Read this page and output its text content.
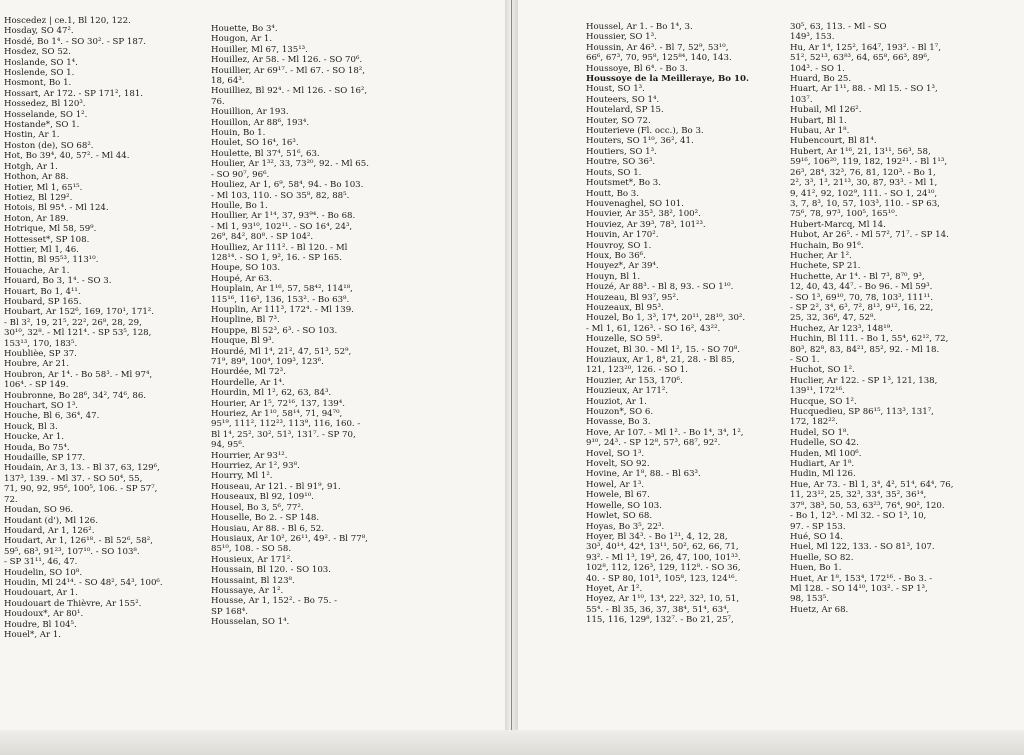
Hoscedez | ce.1, Bl 120, 122.
Hosday, SO 47².
Hosdé, Bo 1⁴. - SO 30². - SP 187.
Hosdez, SO 52.
Hoslande, SO 1⁴.
Hoslende, SO 1.
Hosmont, Bo 1.
Hossart, Ar 172. - SP 171², 181.
Hossedez, Bl 120³.
Hosselande, SO 1².
Hostande*, SO 1.
Hostin, Ar 1.
Hoston (de), SO 68².
Hot, Bo 39⁴, 40, 57². - Ml 44.
Hotgh, Ar 1.
Hothon, Ar 88.
Hotier, Ml 1, 65¹⁵.
Hotiez, Bl 129².
Hotois, Bl 95⁴. - Ml 124.
Hoton, Ar 189.
Hotrique, Ml 58, 59⁹.
Hottesset*, SP 108.
Hottier, Ml 1, 46.
Hottin, Bl 95⁵³, 113¹⁰.
Houache, Ar 1.
Houard, Bo 3, 1⁴. - SO 3.
Houart, Bo 1, 4¹¹.
Houbard, SP 165.
Houbart, Ar 152⁶, 169, 170¹, 171².
- Bl 3², 19, 21⁵, 22², 26⁸, 28, 29,
30¹⁰, 32⁸. - Ml 121⁴. - SP 53⁵, 128,
153¹³, 170, 183⁵.
Houblièe, SP 37.
Houbre, Ar 21.
Houbron, Ar 1⁴. - Bo 58³. - Ml 97⁴,
106⁴. - SP 149.
Houbronne, Bo 28⁶, 34², 74⁶, 86.
Houchart, SO 1³.
Houche, Bl 6, 36⁴, 47.
Houck, Bl 3.
Houcke, Ar 1.
Houda, Bo 75⁴.
Houdaille, SP 177.
Houdain, Ar 3, 13. - Bl 37, 63, 129⁶,
137³, 139. - Ml 37. - SO 50⁴, 55,
71, 90, 92, 95⁶, 100⁵, 106. - SP 57⁷,
72.
Houdan, SO 96.
Houdant (d'), Ml 126.
Houdard, Ar 1, 126².
Houdart, Ar 1, 126¹⁸. - Bl 52⁶, 58²,
59⁵, 68³, 91²³, 107¹⁰. - SO 103⁸.
- SP 31¹¹, 46, 47.
Houdelin, SO 10⁸.
Houdin, Ml 24¹⁴. - SO 48², 54³, 100⁶.
Houdouart, Ar 1.
Houdouart de Thièvre, Ar 155².
Houdoux*, Ar 80¹.
Houdre, Bl 104⁵.
Houel*, Ar 1.
Houette, Bo 3⁴.
Hougon, Ar 1.
Houiller, Ml 67, 135¹³.
Houillez, Ar 58. - Ml 126. - SO 70⁶.
Houillier, Ar 69¹⁷. - Ml 67. - SO 18²,
18, 64³.
Houilliez, Bl 92⁴. - Ml 126. - SO 16²,
76.
Houillion, Ar 193.
Houillon, Ar 88⁶, 193⁴.
Houin, Bo 1.
Houlet, SO 16⁴, 16³.
Houlette, Bl 37⁴, 51⁶, 63.
Houlier, Ar 1³², 33, 73²⁰, 92. - Ml 65.
- SO 90⁷, 96⁶.
Houliez, Ar 1, 6⁹, 58⁴, 94. - Bo 103.
- Ml 103, 110. - SO 35⁸, 82, 88⁵.
Houlle, Bo 1.
Houllier, Ar 1¹⁴, 37, 93⁹⁴. - Bo 68.
- Ml 1, 93¹⁰, 102¹¹. - SO 16⁴, 24³,
26⁹, 84², 80⁸. - SP 104².
Houlliez, Ar 111². - Bl 120. - Ml
128¹⁴. - SO 1, 9², 16. - SP 165.
Houpe, SO 103.
Houpé, Ar 63.
Houplain, Ar 1¹⁶, 57, 58⁴², 114¹⁸,
115¹⁶, 116³, 136, 153². - Bo 63⁸.
Houplin, Ar 111³, 172⁴. - Ml 139.
Houpline, Bl 7³.
Houppe, Bl 52³, 6³. - SO 103.
Houque, Bl 9³.
Hourdé, Ml 1⁴, 21², 47, 51³, 52⁹,
71⁹, 89⁹, 100⁴, 109³, 123⁶.
Hourdée, Ml 72³.
Hourdelle, Ar 1⁴.
Hourdin, Ml 1², 62, 63, 84³.
Hourier, Ar 1⁵, 72¹⁶, 137, 139⁴.
Houriez, Ar 1¹⁰, 58¹⁴, 71, 94⁷⁰,
95¹⁹, 111², 112²³, 113⁹, 116, 160. -
Bl 1⁴, 25², 30², 51³, 131⁷. - SP 70,
94, 95⁶.
Hourrier, Ar 93¹².
Hourriez, Ar 1², 93⁸.
Hourry, Ml 1².
Houseau, Ar 121. - Bl 91⁹, 91.
Houseaux, Bl 92, 109¹⁰.
Housel, Bo 3, 5⁶, 77².
Houselle, Bo 2. - SP 148.
Housiau, Ar 88. - Bl 6, 52.
Housiaux, Ar 10², 26¹¹, 49². - Bl 77⁸,
85¹⁰, 108. - SO 58.
Housieux, Ar 171².
Houssain, Bl 120. - SO 103.
Houssaint, Bl 123⁸.
Houssaye, Ar 1².
Housse, Ar 1, 152². - Bo 75. -
SP 168⁴.
Housselan, SO 1⁴.
Houssel, Ar 1. - Bo 1⁴, 3.
Houssier, SO 1³.
Houssin, Ar 46³. - Bl 7, 52⁹, 53¹⁰,
66⁶, 67³, 70, 95⁸, 125⁸⁴, 140, 143.
Houssoye, Bl 6⁴. - Bo 3.
Houssoye de la Meilleraye, Bo 10.
Houst, SO 1³.
Houteers, SO 1⁴.
Houtelard, SP 15.
Houter, SO 72.
Houterieve (Fl. occ.), Bo 3.
Houters, SO 1¹⁰, 36², 41.
Houtiers, SO 1³.
Houtre, SO 36³.
Houts, SO 1.
Houtsmet*, Bo 3.
Houtt, Bo 3.
Houvenaghel, SO 101.
Houvier, Ar 35³, 38², 100².
Houviez, Ar 39³, 78³, 101²³.
Houvin, Ar 170².
Houvroy, SO 1.
Houx, Bo 36⁶.
Houyez*, Ar 39⁴.
Houyn, Bl 1.
Houzé, Ar 88³. - Bl 8, 93. - SO 1¹⁰.
Houzeau, Bl 93⁷, 95².
Houzeaux, Bl 95³.
Houzel, Bo 1, 3³, 17⁴, 20¹¹, 28¹⁰, 30².
- Ml 1, 61, 126³. - SO 16², 43²².
Houzelle, SO 59².
Houzet, Bl 30. - Ml 1², 15. - SO 70⁸.
Houziaux, Ar 1, 8⁴, 21, 28. - Bl 85,
121, 123²⁰, 126. - SO 1.
Houzier, Ar 153, 170⁶.
Houzieux, Ar 171².
Houziot, Ar 1.
Houzon*, SO 6.
Hovasse, Bo 3.
Hove, Ar 107. - Ml 1². - Bo 1⁴, 3⁴, 1²,
9¹⁰, 24³. - SP 12⁸, 57³, 68⁷, 92².
Hovel, SO 1³.
Hovelt, SO 92.
Hovine, Ar 1⁸, 88. - Bl 63³.
Howel, Ar 1³.
Howele, Bl 67.
Howelle, SO 103.
Howlet, SO 68.
Hoyas, Bo 3⁵, 22³.
Hoyer, Bl 34³. - Bo 1²¹, 4, 12, 28,
30³, 40¹⁴, 42⁴, 13¹¹, 50², 62, 66, 71,
93². - Ml 1³, 19³, 26, 47, 100, 101³³.
102⁸, 112, 126³, 129, 112⁸. - SO 36,
40. - SP 80, 101³, 105⁸, 123, 124¹⁶.
Hoyet, Ar 1².
Hoyez, Ar 1¹⁰, 13⁴, 22², 32³, 10, 51,
55⁴. - Bl 35, 36, 37, 38⁴, 51⁴, 63⁴,
115, 116, 129⁸, 132⁷. - Bo 21, 25⁷,
30⁵, 63, 113. - Ml - SO
149³, 153.
Hu, Ar 1⁴, 125², 164⁷, 193². - Bl 1⁷,
51², 52¹³, 63⁸³, 64, 65⁸, 66³, 89⁶,
104³. - SO 1.
Huard, Bo 25.
Huart, Ar 1¹¹, 88. - Ml 15. - SO 1³,
103⁷.
Hubail, Ml 126².
Hubart, Bl 1.
Hubau, Ar 1⁸.
Hubencourt, Bl 81⁴.
Hubert, Ar 1¹⁶, 21, 13¹¹, 56³, 58,
59¹⁶, 106²⁰, 119, 182, 192²¹. - Bl 1¹³,
26³, 28⁴, 32³, 76, 81, 120³. - Bo 1,
2², 3³, 1³, 21¹³, 30, 87, 93³. - Ml 1,
9, 41², 92, 102⁹, 111. - SO 1, 24¹⁰,
3, 7, 8³, 10, 57, 103³, 110. - SP 63,
75⁶, 78, 97³, 100⁵, 165¹⁰.
Hubert-Marcq, Ml 14.
Hubot, Ar 26⁵. - Ml 57², 71⁷. - SP 14.
Huchain, Bo 91⁶.
Hucher, Ar 1².
Huchete, SP 21.
Huchette, Ar 1⁴. - Bl 7³, 8⁷⁰, 9³,
12, 40, 43, 44⁷. - Bo 96. - Ml 59³.
- SO 1³, 69¹⁰, 70, 78, 103³, 111¹¹.
- SP 2², 3⁴, 6³, 7², 8¹³, 9¹², 16, 22,
25, 32, 36⁸, 47, 52⁸.
Huchez, Ar 123³, 148¹⁹.
Huchin, Bl 111. - Bo 1, 55⁴, 62¹², 72,
80³, 82⁸, 83, 84²¹, 85², 92. - Ml 18.
- SO 1.
Huchot, SO 1².
Huclier, Ar 122. - SP 1³, 121, 138,
139¹¹, 172¹⁶.
Hucque, SO 1².
Hucquedieu, SP 86¹⁵, 113³, 131⁷,
172, 182²².
Hudel, SO 1⁸.
Hudelle, SO 42.
Huden, Ml 100⁶.
Hudiart, Ar 1⁸.
Hudin, Ml 126.
Hue, Ar 73. - Bl 1, 3⁴, 4², 51⁴, 64⁴, 76,
11, 23¹², 25, 32³, 33⁴, 35², 36¹⁴,
37⁸, 38³, 50, 53, 63²³, 76⁴, 90², 120.
- Bo 1, 12³. - Ml 32. - SO 1³, 10,
97. - SP 153.
Hué, SO 14.
Huel, Ml 122, 133. - SO 81³, 107.
Huelle, SO 82.
Huen, Bo 1.
Huet, Ar 1⁸, 153⁴, 172¹⁶. - Bo 3. -
Ml 128. - SO 14¹⁰, 103². - SP 1³,
98, 153⁵.
Huetz, Ar 68.
